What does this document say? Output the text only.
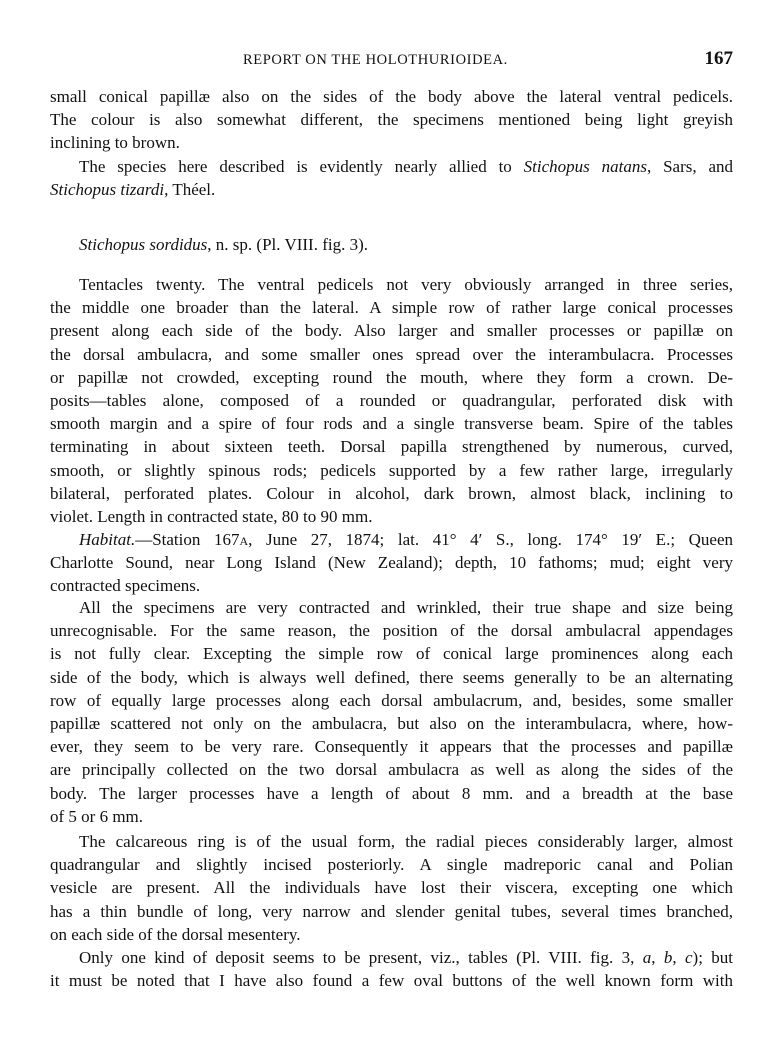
REPORT ON THE HOLOTHURIOIDEA.	167
small conical papillæ also on the sides of the body above the lateral ventral pedicels.
The colour is also somewhat different, the specimens mentioned being light greyish
inclining to brown.
The species here described is evidently nearly allied to Stichopus natans, Sars, and
Stichopus tizardi, Théel.
Stichopus sordidus, n. sp. (Pl. VIII. fig. 3).
Tentacles twenty. The ventral pedicels not very obviously arranged in three series,
the middle one broader than the lateral. A simple row of rather large conical processes
present along each side of the body. Also larger and smaller processes or papillæ on
the dorsal ambulacra, and some smaller ones spread over the interambulacra. Processes
or papillæ not crowded, excepting round the mouth, where they form a crown. De-
posits—tables alone, composed of a rounded or quadrangular, perforated disk with
smooth margin and a spire of four rods and a single transverse beam. Spire of the tables
terminating in about sixteen teeth. Dorsal papilla strengthened by numerous, curved,
smooth, or slightly spinous rods; pedicels supported by a few rather large, irregularly
bilateral, perforated plates. Colour in alcohol, dark brown, almost black, inclining to
violet. Length in contracted state, 80 to 90 mm.
Habitat.—Station 167A, June 27, 1874; lat. 41° 4′ S., long. 174° 19′ E.; Queen
Charlotte Sound, near Long Island (New Zealand); depth, 10 fathoms; mud; eight very
contracted specimens.
All the specimens are very contracted and wrinkled, their true shape and size being
unrecognisable. For the same reason, the position of the dorsal ambulacral appendages
is not fully clear. Excepting the simple row of conical large prominences along each
side of the body, which is always well defined, there seems generally to be an alternating
row of equally large processes along each dorsal ambulacrum, and, besides, some smaller
papillæ scattered not only on the ambulacra, but also on the interambulacra, where, how-
ever, they seem to be very rare. Consequently it appears that the processes and papillæ
are principally collected on the two dorsal ambulacra as well as along the sides of the
body. The larger processes have a length of about 8 mm. and a breadth at the base
of 5 or 6 mm.
The calcareous ring is of the usual form, the radial pieces considerably larger, almost
quadrangular and slightly incised posteriorly. A single madreporic canal and Polian
vesicle are present. All the individuals have lost their viscera, excepting one which
has a thin bundle of long, very narrow and slender genital tubes, several times branched,
on each side of the dorsal mesentery.
Only one kind of deposit seems to be present, viz., tables (Pl. VIII. fig. 3, a, b, c); but
it must be noted that I have also found a few oval buttons of the well known form with
